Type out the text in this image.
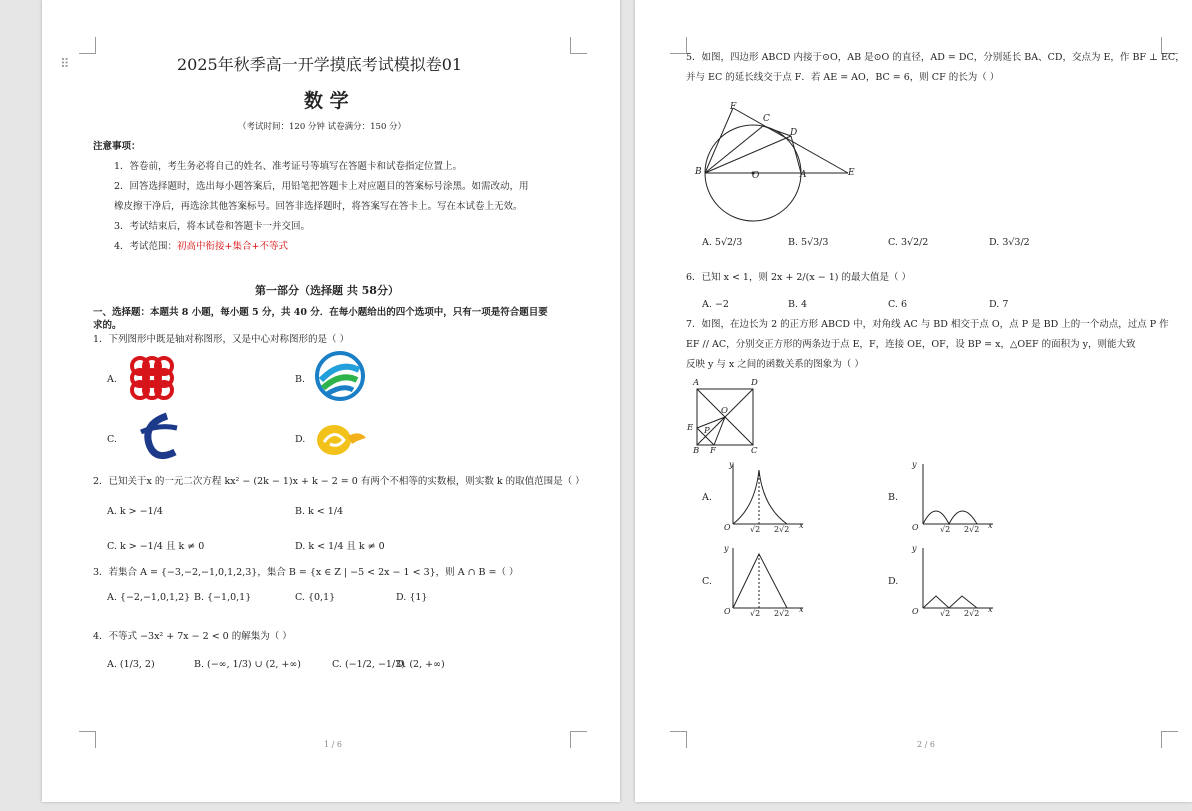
⠿	2025年秋季高一开学摸底考试模拟卷01
数 学
（考试时间：120 分钟 试卷满分：150 分）
注意事项：
1．答卷前，考生务必将自己的姓名、准考证号等填写在答题卡和试卷指定位置上。
2．回答选择题时，选出每小题答案后，用铅笔把答题卡上对应题目的答案标号涂黑。如需改动，用
橡皮擦干净后，再选涂其他答案标号。回答非选择题时，将答案写在答卡上。写在本试卷上无效。
3．考试结束后，将本试卷和答题卡一并交回。
4．考试范围：初高中衔接+集合+不等式
第一部分（选择题 共 58分）
一、选择题：本题共 8 小题，每小题 5 分，共 40 分．在每小题给出的四个选项中，只有一项是符合题目要
求的。
1．下列图形中既是轴对称图形，又是中心对称图形的是（ ）
A.	B.
C.	D.
2．已知关于x 的一元二次方程 kx² − (2k − 1)x + k − 2 = 0 有两个不相等的实数根，则实数 k 的取值范围是（ ）
A. k > −1/4	B. k < 1/4
C. k > −1/4 且 k ≠ 0	D. k < 1/4 且 k ≠ 0
3．若集合 A = {−3,−2,−1,0,1,2,3}，集合 B = {x ∈ Z | −5 < 2x − 1 < 3}，则 A ∩ B =（ ）
A. {−2,−1,0,1,2} B. {−1,0,1}	C. {0,1}	D. {1}
4．不等式 −3x² + 7x − 2 < 0 的解集为（ ）
A. (1/3, 2)	B. (−∞, 1/3) ∪ (2, +∞)	C. (−1/2, −1/3)
D. (2, +∞)
1 / 6
5．如图，四边形 ABCD 内接于⊙O，AB 是⊙O 的直径，AD = DC，分别延长 BA、CD，交点为 E，作 BF ⊥ EC，
并与 EC 的延长线交于点 F．若 AE = AO，BC = 6，则 CF 的长为（ ）
F
C
D
B	O	A	E
A. 5√2/3	B. 5√3/3	C. 3√2/2	D. 3√3/2
6．已知 x < 1，则 2x + 2/(x − 1) 的最大值是（ ）
A. −2	B. 4	C. 6	D. 7
7．如图，在边长为 2 的正方形 ABCD 中，对角线 AC 与 BD 相交于点 O，点 P 是 BD 上的一个动点，过点 P 作
EF // AC，分别交正方形的两条边于点 E，F，连接 OE，OF，设 BP = x，△OEF 的面积为 y，则能大致
反映 y 与 x 之间的函数关系的图象为（ ）
A	D
O
E P
B F	C
A.	B.
C.	D.
y
O √2 2√2 x
y
O	√2 2√2 x
y
O √2 2√2 x
y
O	√2 2√2 x
2 / 6
